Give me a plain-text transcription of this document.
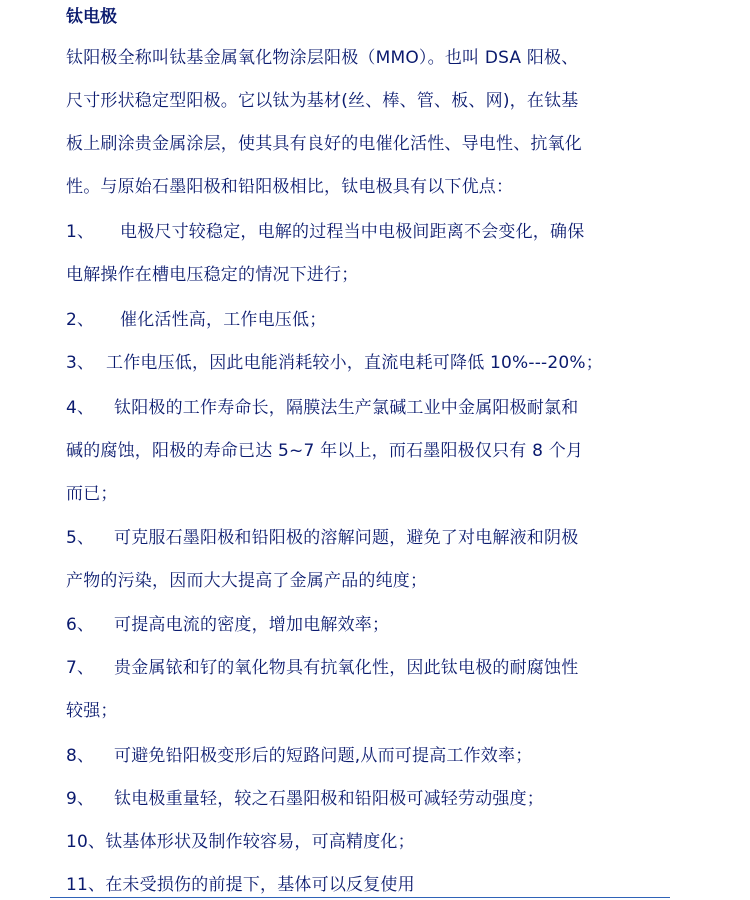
钛电极
钛阳极全称叫钛基金属氧化物涂层阳极（MMO）。也叫 DSA 阳极、
尺寸形状稳定型阳极。它以钛为基材(丝、棒、管、板、网)，在钛基
板上刷涂贵金属涂层，使其具有良好的电催化活性、导电性、抗氧化
性。与原始石墨阳极和铅阳极相比，钛电极具有以下优点：
1、 电极尺寸较稳定，电解的过程当中电极间距离不会变化，确保
电解操作在槽电压稳定的情况下进行；
2、 催化活性高，工作电压低；
3、 工作电压低，因此电能消耗较小，直流电耗可降低 10%---20%；
4、 钛阳极的工作寿命长，隔膜法生产氯碱工业中金属阳极耐氯和
碱的腐蚀，阳极的寿命已达 5~7 年以上，而石墨阳极仅只有 8 个月
而已；
5、 可克服石墨阳极和铅阳极的溶解问题，避免了对电解液和阴极
产物的污染，因而大大提高了金属产品的纯度；
6、 可提高电流的密度，增加电解效率；
7、 贵金属铱和钌的氧化物具有抗氧化性，因此钛电极的耐腐蚀性
较强；
8、 可避免铅阳极变形后的短路问题,从而可提高工作效率；
9、 钛电极重量轻，较之石墨阳极和铅阳极可减轻劳动强度；
10、钛基体形状及制作较容易，可高精度化；
11、在未受损伤的前提下，基体可以反复使用
